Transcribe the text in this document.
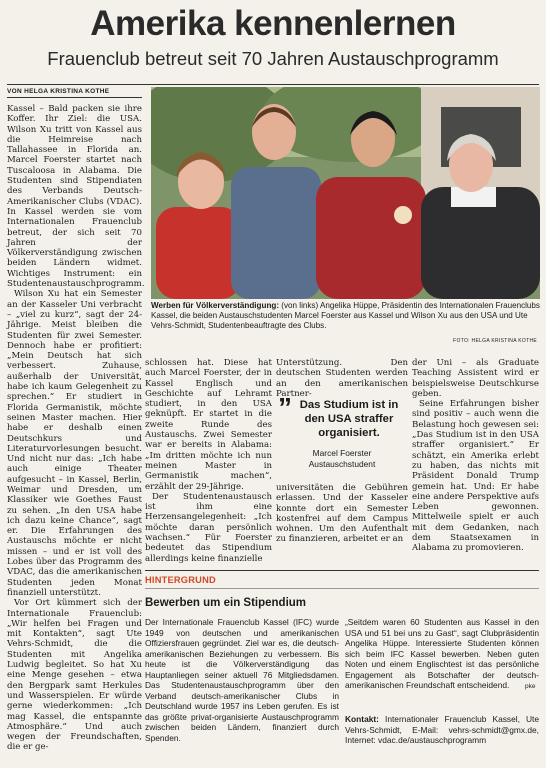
Amerika kennenlernen
Frauenclub betreut seit 70 Jahren Austauschprogramm
VON HELGA KRISTINA KOTHE

Kassel – Bald packen sie ihre Koffer. Ihr Ziel: die USA. Wilson Xu tritt von Kassel aus die Heimreise nach Tallahassee in Florida an. Marcel Foerster startet nach Tuscaloosa in Alabama. Die Studenten sind Stipendiaten des Verbands Deutsch-Amerikanischer Clubs (VDAC). In Kassel werden sie vom Internationalen Frauenclub betreut, der sich seit 70 Jahren der Völkerverständigung zwischen beiden Ländern widmet. Wichtiges Instrument: ein Studentenaustauschprogramm.

Wilson Xu hat ein Semester an der Kasseler Uni verbracht – „viel zu kurz“, sagt der 24-Jährige. Meist bleiben die Studenten für zwei Semester. Dennoch habe er profitiert: „Mein Deutsch hat sich verbessert. Zuhause, außerhalb der Universität, habe ich kaum Gelegenheit zu sprechen.“ Er studiert in Florida Germanistik, möchte seinen Master machen. Hier habe er deshalb einen Deutschkurs und Literaturvorlesungen besucht. Und nicht nur das: „Ich habe auch einige Theater aufgesucht – in Kassel, Berlin, Weimar und Dresden, um Klassiker wie Goethes Faust zu sehen. „In den USA habe ich dazu keine Chance“, sagt er. Die Erfahrungen des Austauschs möchte er nicht missen – und er ist voll des Lobes über das Programm des VDAC, das die amerikanischen Studenten jeden Monat finanziell unterstützt.

Vor Ort kümmert sich der Internationale Frauenclub: „Wir helfen bei Fragen und mit Kontakten“, sagt Ute Vehrs-Schmidt, die die Studenten mit Angelika Ludwig begleitet. So hat Xu eine Menge gesehen – etwa den Bergpark samt Herkules und Wasserspielen. Er würde gerne wiederkommen: „Ich mag Kassel, die entspannte Atmosphäre.“ Und auch wegen der Freundschaften, die er ge-

Werben für Völkerverständigung: (von links) Angelika Hüppe, Präsidentin des Internationalen Frauenclubs Kassel, die beiden Austauschstudenten Marcel Foerster aus Kassel und Wilson Xu aus den USA und Ute Vehrs-Schmidt, Studentenbeauftragte des Clubs.
FOTO: HELGA KRISTINA KOTHE

schlossen hat. Diese hat auch Marcel Foerster, der in Kassel Englisch und Geschichte auf Lehramt studiert, in den USA geknüpft. Er startet in die zweite Runde des Austauschs. Zwei Semester war er bereits in Alabama: „Im dritten möchte ich nun meinen Master in Germanistik machen“, erzählt der 29-Jährige.

Der Studentenaustausch ist ihm eine Herzensangelegenheit: „Ich möchte daran persönlich wachsen.“ Für Foerster bedeutet das Stipendium allerdings keine finanzielle

Unterstützung. Den deutschen Studenten werden an den amerikanischen Partner-

” Das Studium ist in den USA straffer organisiert.
Marcel Foerster
Austauschstudent

universitäten die Gebühren erlassen. Und der Kasseler konnte dort ein Semester kostenfrei auf dem Campus wohnen. Um den Aufenthalt zu finanzieren, arbeitet er an

der Uni – als Graduate Teaching Assistent wird er beispielsweise Deutschkurse geben.

Seine Erfahrungen bisher sind positiv – auch wenn die Belastung hoch gewesen sei: „Das Studium ist in den USA straffer organisiert.“ Er schätzt, ein Amerika erlebt zu haben, das nichts mit Präsident Donald Trump gemein hat. Und: Er habe eine andere Perspektive aufs Leben gewonnen. Mittelweile spielt er auch mit dem Gedanken, nach dem Staatsexamen in Alabama zu promovieren.

HINTERGRUND
Bewerben um ein Stipendium

Der Internationale Frauenclub Kassel (IFC) wurde 1949 von deutschen und amerikanischen Offiziersfrauen gegründet. Ziel war es, die deutsch-amerikanischen Beziehungen zu verbessern. Bis heute ist die Völkerverständigung das Hauptanliegen seiner aktuell 76 Mitgliedsdamen. Das Studentenaustauschprogramm über den Verband deutsch-amerikanischer Clubs in Deutschland wurde 1957 ins Leben gerufen. Es ist das größte privat-organisierte Austauschprogramm zwischen beiden Ländern, finanziert durch Spenden.

„Seitdem waren 60 Studenten aus Kassel in den USA und 51 bei uns zu Gast“, sagt Clubpräsidentin Angelika Hüppe. Interessierte Studenten können sich beim IFC Kassel bewerben. Neben guten Noten und einem Englischtest ist das persönliche Engagement als Botschafter der deutsch-amerikanischen Freundschaft entscheidend.	pke

Kontakt: Internationaler Frauenclub Kassel, Ute Vehrs-Schmidt, E-Mail: vehrs-schmidt@gmx.de, Internet: vdac.de/austauschprogramm
